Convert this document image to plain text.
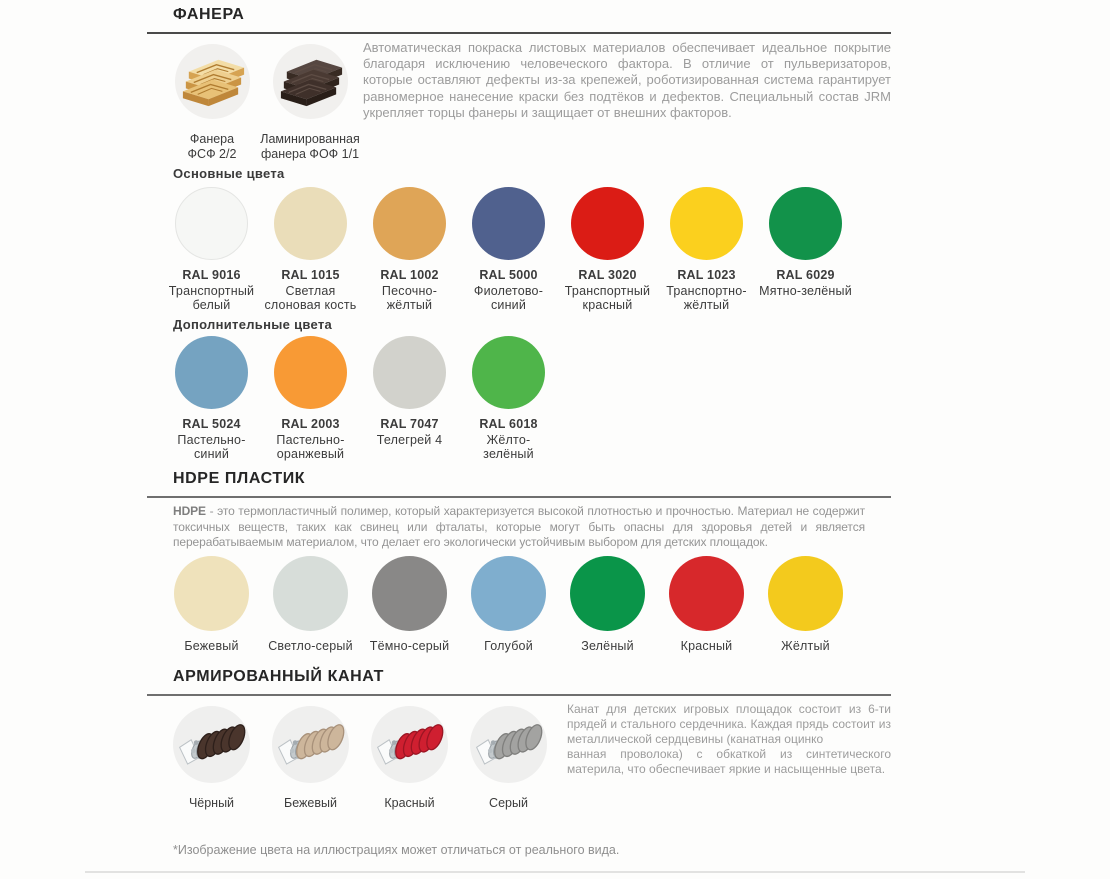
ФАНЕРА
Фанера
ФСФ 2/2
Ламинированная
фанера ФОФ 1/1

Автоматическая покраска листовых материалов обеспечивает идеальное покрытие благодаря исключению человеческого фактора. В отличие от пульверизаторов, которые оставляют дефекты из-за крепежей, роботизированная система гарантирует равномерное нанесение краски без подтёков и дефектов. Специальный состав JRM укрепляет торцы фанеры и защищает от внешних факторов.

Основные цвета
RAL 9016
Транспортный
белый
RAL 1015
Светлая
слоновая кость
RAL 1002
Песочно-
жёлтый
RAL 5000
Фиолетово-
синий
RAL 3020
Транспортный
красный
RAL 1023
Транспортно-
жёлтый
RAL 6029
Мятно-зелёный
Дополнительные цвета
RAL 5024
Пастельно-
синий
RAL 2003
Пастельно-
оранжевый
RAL 7047
Телегрей 4
RAL 6018
Жёлто-
зелёный
HDPE ПЛАСТИК

HDPE - это термопластичный полимер, который характеризуется высокой плотностью и прочностью. Материал не содержит токсичных веществ, таких как свинец или фталаты, которые могут быть опасны для здоровья детей и является перерабатываемым материалом, что делает его экологически устойчивым выбором для детских площадок.

Бежевый Светло-серый Тёмно-серый	Голубой	Зелёный	Красный	Жёлтый
АРМИРОВАННЫЙ КАНАТ
Чёрный	Бежевый	Красный	Серый
Канат для детских игровых площадок состоит из 6-ти
прядей и стального сердечника. Каждая прядь состоит из
металлической сердцевины (канатная оцинко
ванная проволока) с обкаткой из синтетического
материла, что обеспечивает яркие и насыщенные цвета.
*Изображение цвета на иллюстрациях может отличаться от реального вида.
